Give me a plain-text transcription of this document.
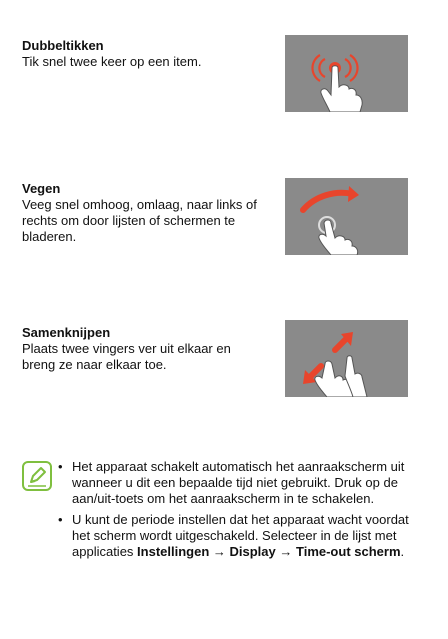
Dubbeltikken

Tik snel twee keer op een item.

Vegen

Veeg snel omhoog, omlaag, naar links of rechts om door lijsten of schermen te bladeren.

Samenknijpen

Plaats twee vingers ver uit elkaar en breng ze naar elkaar toe.

• Het apparaat schakelt automatisch het aanraakscherm uit wanneer u dit een bepaalde tijd niet gebruikt. Druk op de aan/uit-toets om het aanraakscherm in te schakelen.
• U kunt de periode instellen dat het apparaat wacht voordat het scherm wordt uitgeschakeld. Selecteer in de lijst met applicaties Instellingen → Display → Time-out scherm.
